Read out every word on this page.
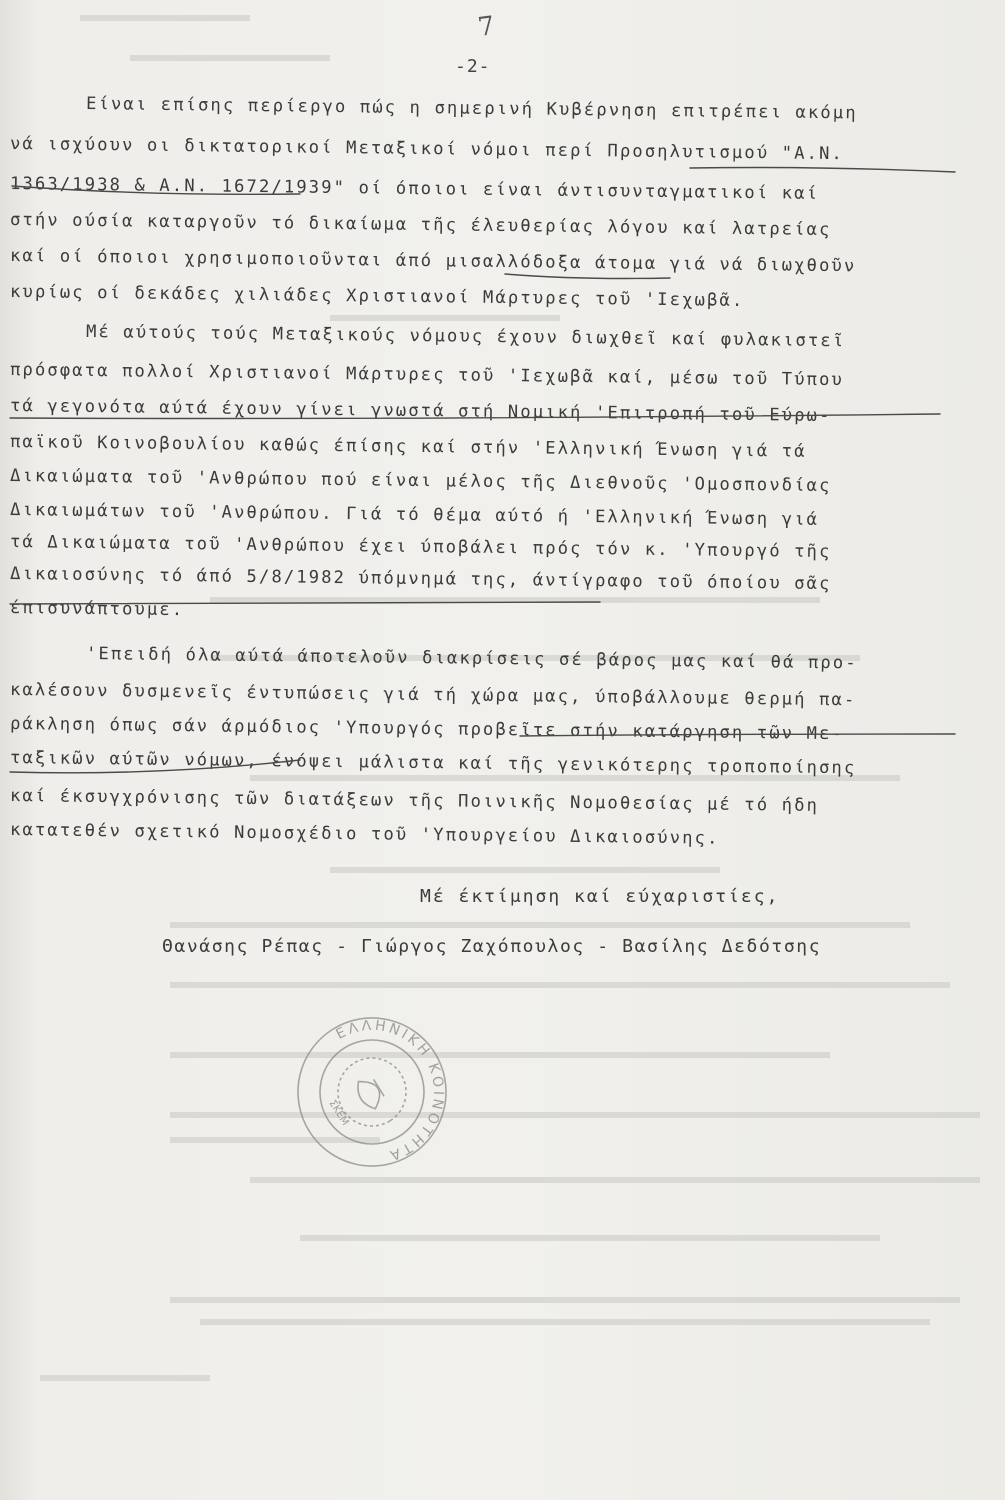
7
-2-
Είναι επίσης περίεργο πώς η σημερινή Κυβέρνηση επιτρέπει ακόμη
νά ισχύουν οι δικτατορικοί Μεταξικοί νόμοι περί Προσηλυτισμού "Α.Ν.
1363/1938 & Α.Ν. 1672/1939" οί όποιοι είναι άντισυνταγματικοί καί
στήν ούσία καταργοῦν τό δικαίωμα τῆς έλευθερίας λόγου καί λατρείας
καί οί όποιοι χρησιμοποιοῦνται άπό μισαλλόδοξα άτομα γιά νά διωχθοῦν
κυρίως οί δεκάδες χιλιάδες Χριστιανοί Μάρτυρες τοῦ 'Ιεχωβᾶ.
Μέ αύτούς τούς Μεταξικούς νόμους έχουν διωχθεῖ καί φυλακιστεῖ
πρόσφατα πολλοί Χριστιανοί Μάρτυρες τοῦ 'Ιεχωβᾶ καί, μέσω τοῦ Τύπου
τά γεγονότα αύτά έχουν γίνει γνωστά στή Νομική 'Επιτροπή τοῦ Εύρω-
παϊκοῦ Κοινοβουλίου καθώς έπίσης καί στήν 'Ελληνική Ένωση γιά τά
Δικαιώματα τοῦ 'Ανθρώπου πού είναι μέλος τῆς Διεθνοῦς 'Ομοσπονδίας
Δικαιωμάτων τοῦ 'Ανθρώπου. Γιά τό θέμα αύτό ή 'Ελληνική Ένωση γιά
τά Δικαιώματα τοῦ 'Ανθρώπου έχει ύποβάλει πρός τόν κ. 'Υπουργό τῆς
Δικαιοσύνης τό άπό 5/8/1982 ύπόμνημά της, άντίγραφο τοῦ όποίου σᾶς
έπισυνάπτουμε.
'Επειδή όλα αύτά άποτελοῦν διακρίσεις σέ βάρος μας καί θά προ-
καλέσουν δυσμενεῖς έντυπώσεις γιά τή χώρα μας, ύποβάλλουμε θερμή πα-
ράκληση όπως σάν άρμόδιος 'Υπουργός προβεῖτε στήν κατάργηση τῶν Με-
ταξικῶν αύτῶν νόμων, ένόψει μάλιστα καί τῆς γενικότερης τροποποίησης
καί έκσυγχρόνισης τῶν διατάξεων τῆς Ποινικῆς Νομοθεσίας μέ τό ήδη
κατατεθέν σχετικό Νομοσχέδιο τοῦ 'Υπουργείου Δικαιοσύνης.
Μέ έκτίμηση καί εύχαριστίες,
Θανάσης Ρέπας - Γιώργος Ζαχόπουλος - Βασίλης Δεδότσης
ΕΛΛΗΝΙΚΗ ΚΟΙΝΟΤΗΤΑ
ΣΚΕΜ
